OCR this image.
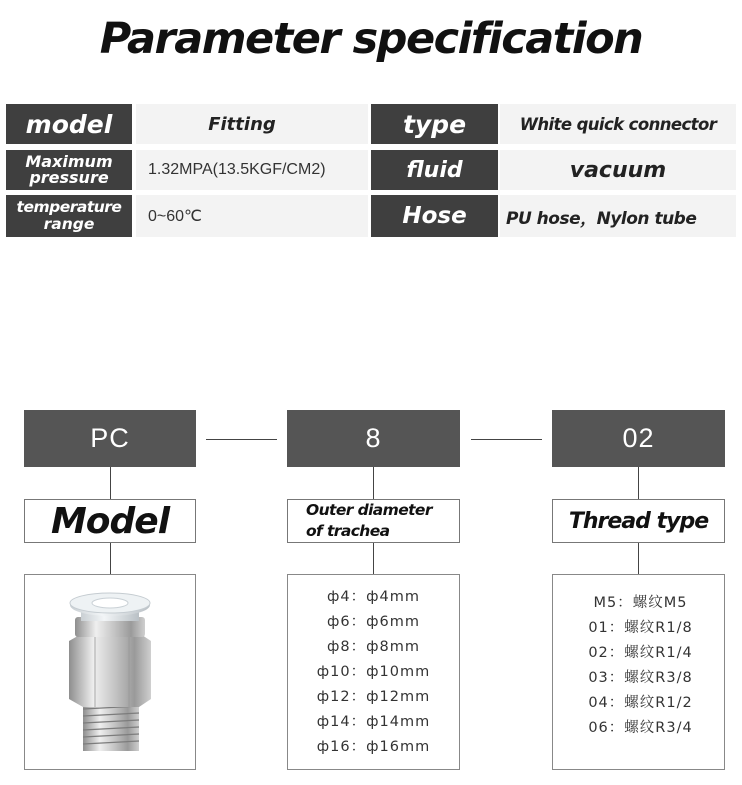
Parameter specification
model	Fitting	type	White quick connector
Maximum
pressure	1.32MPA(13.5KGF/CM2)	fluid	vacuum
temperature
range	0~60℃	Hose	PU hose，Nylon tube
PC	8	02
Model	Outer diameter
of trachea	Thread type
ф4：ф4mm
ф6：ф6mm
ф8：ф8mm
ф10：ф10mm
ф12：ф12mm
ф14：ф14mm
ф16：ф16mm
M5：螺纹M5
01：螺纹R1/8
02：螺纹R1/4
03：螺纹R3/8
04：螺纹R1/2
06：螺纹R3/4
